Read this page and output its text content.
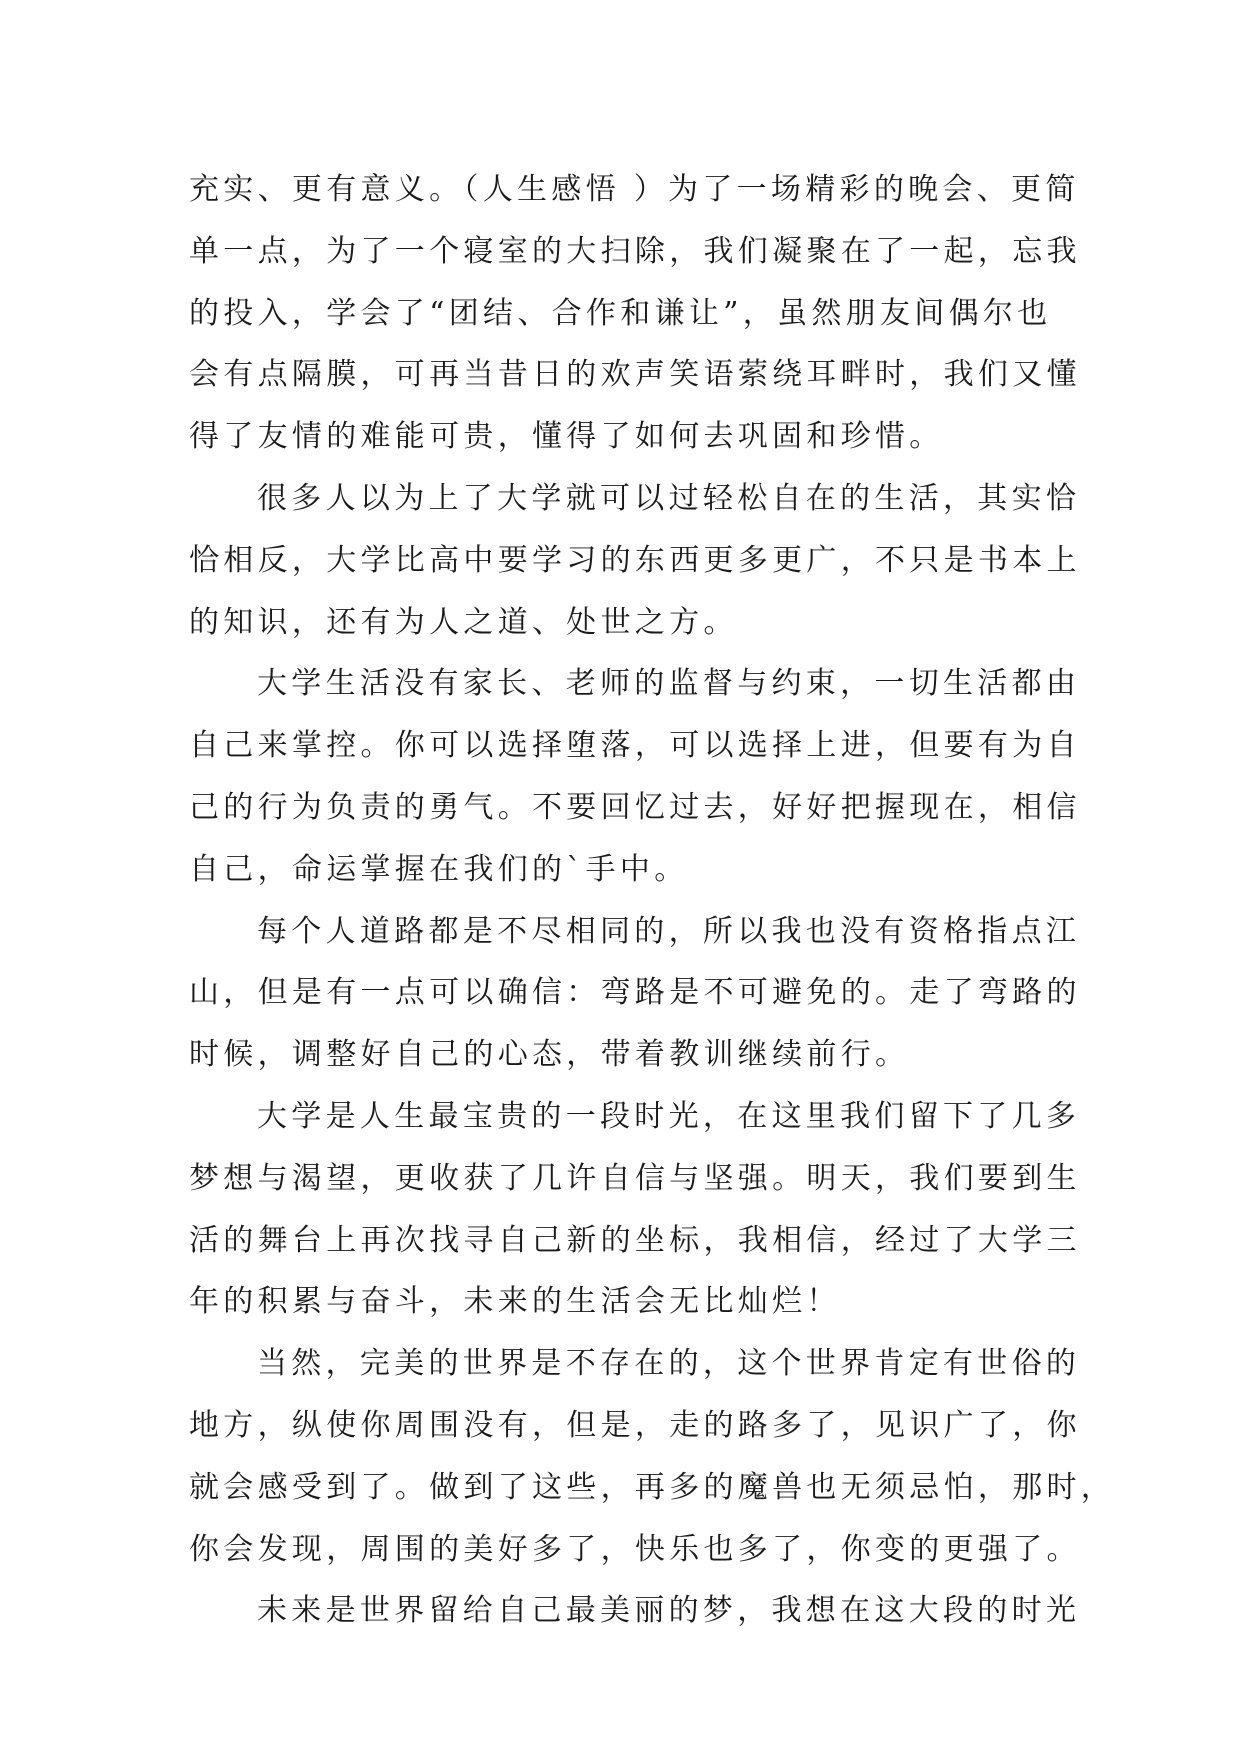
充实、更有意义。（人生感悟 ）为了一场精彩的晚会、更简
单一点，为了一个寝室的大扫除，我们凝聚在了一起，忘我
的投入，学会了“团结、合作和谦让”，虽然朋友间偶尔也
会有点隔膜，可再当昔日的欢声笑语萦绕耳畔时，我们又懂
得了友情的难能可贵，懂得了如何去巩固和珍惜。
很多人以为上了大学就可以过轻松自在的生活，其实恰
恰相反，大学比高中要学习的东西更多更广，不只是书本上
的知识，还有为人之道、处世之方。
大学生活没有家长、老师的监督与约束，一切生活都由
自己来掌控。你可以选择堕落，可以选择上进，但要有为自
己的行为负责的勇气。不要回忆过去，好好把握现在，相信
自己，命运掌握在我们的`手中。
每个人道路都是不尽相同的，所以我也没有资格指点江
山，但是有一点可以确信：弯路是不可避免的。走了弯路的
时候，调整好自己的心态，带着教训继续前行。
大学是人生最宝贵的一段时光，在这里我们留下了几多
梦想与渴望，更收获了几许自信与坚强。明天，我们要到生
活的舞台上再次找寻自己新的坐标，我相信，经过了大学三
年的积累与奋斗，未来的生活会无比灿烂！
当然，完美的世界是不存在的，这个世界肯定有世俗的
地方，纵使你周围没有，但是，走的路多了，见识广了，你
就会感受到了。做到了这些，再多的魔兽也无须忌怕，那时，
你会发现，周围的美好多了，快乐也多了，你变的更强了。
未来是世界留给自己最美丽的梦，我想在这大段的时光
